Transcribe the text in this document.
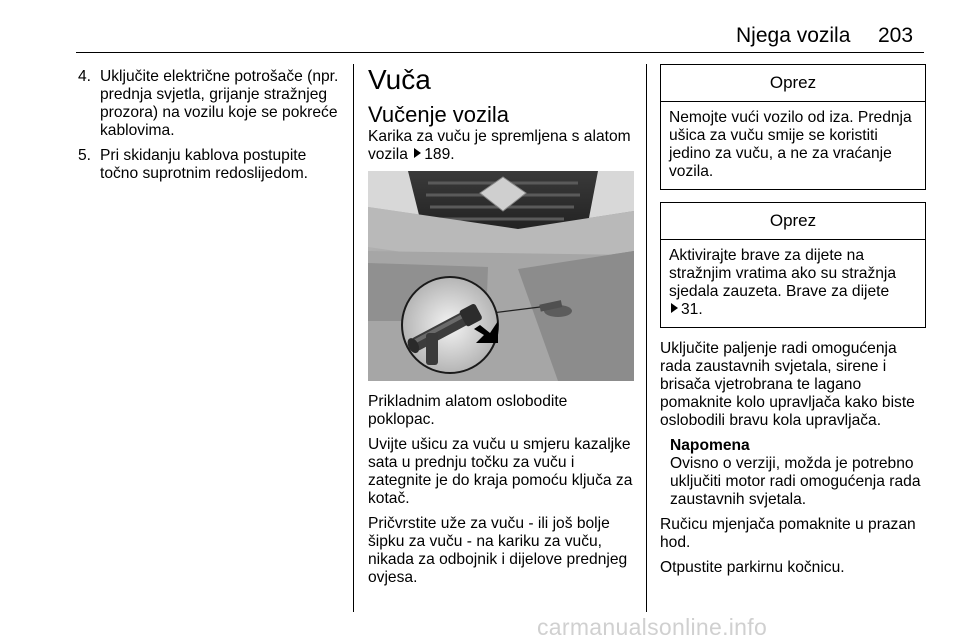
Njega vozila 203
4. Uključite električne potrošače (npr. prednja svjetla, grijanje stražnjeg prozora) na vozilu koje se pokreće kablovima.
5. Pri skidanju kablova postupite točno suprotnim redoslijedom.
Vuča
Vučenje vozila

Karika za vuču je spremljena s alatom vozila 189.

Prikladnim alatom oslobodite poklopac.

Uvijte ušicu za vuču u smjeru kazaljke sata u prednju točku za vuču i zategnite je do kraja pomoću ključa za kotač.

Pričvrstite uže za vuču - ili još bolje šipku za vuču - na kariku za vuču, nikada za odbojnik i dijelove prednjeg ovjesa.

Oprez
Nemojte vući vozilo od iza. Prednja ušica za vuču smije se koristiti jedino za vuču, a ne za vraćanje vozila.
Oprez
Aktivirajte brave za dijete na stražnjim vratima ako su stražnja sjedala zauzeta. Brave za dijete
31.

Uključite paljenje radi omogućenja rada zaustavnih svjetala, sirene i brisača vjetrobrana te lagano pomaknite kolo upravljača kako biste oslobodili bravu kola upravljača.

Napomena
Ovisno o verziji, možda je potrebno uključiti motor radi omogućenja rada zaustavnih svjetala.

Ručicu mjenjača pomaknite u prazan hod.

Otpustite parkirnu kočnicu.

carmanualsonline.info
